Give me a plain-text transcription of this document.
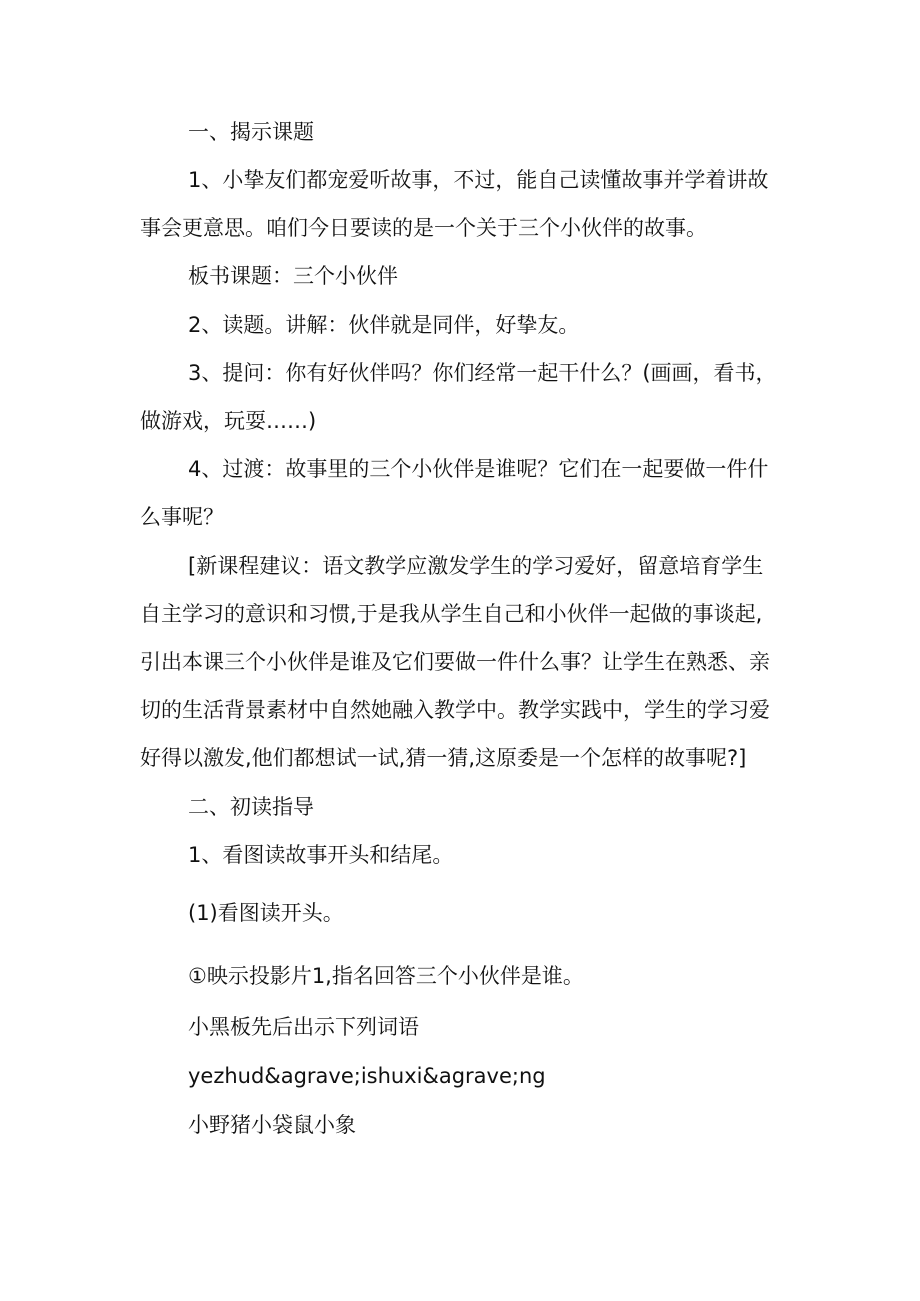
一、揭示课题

1、小挚友们都宠爱听故事，不过，能自己读懂故事并学着讲故

事会更意思。咱们今日要读的是一个关于三个小伙伴的故事。

板书课题：三个小伙伴

2、读题。讲解：伙伴就是同伴，好挚友。

3、提问：你有好伙伴吗？你们经常一起干什么？(画画，看书，

做游戏，玩耍……)

4、过渡：故事里的三个小伙伴是谁呢？它们在一起要做一件什

么事呢？

[新课程建议：语文教学应激发学生的学习爱好，留意培育学生

自主学习的意识和习惯,于是我从学生自己和小伙伴一起做的事谈起,

引出本课三个小伙伴是谁及它们要做一件什么事？让学生在熟悉、亲

切的生活背景素材中自然她融入教学中。教学实践中，学生的学习爱

好得以激发,他们都想试一试,猜一猜,这原委是一个怎样的故事呢?]

二、初读指导

1、看图读故事开头和结尾。

(1)看图读开头。

①映示投影片1,指名回答三个小伙伴是谁。

小黑板先后出示下列词语

yezhud&agrave;ishuxi&agrave;ng

小野猪小袋鼠小象
